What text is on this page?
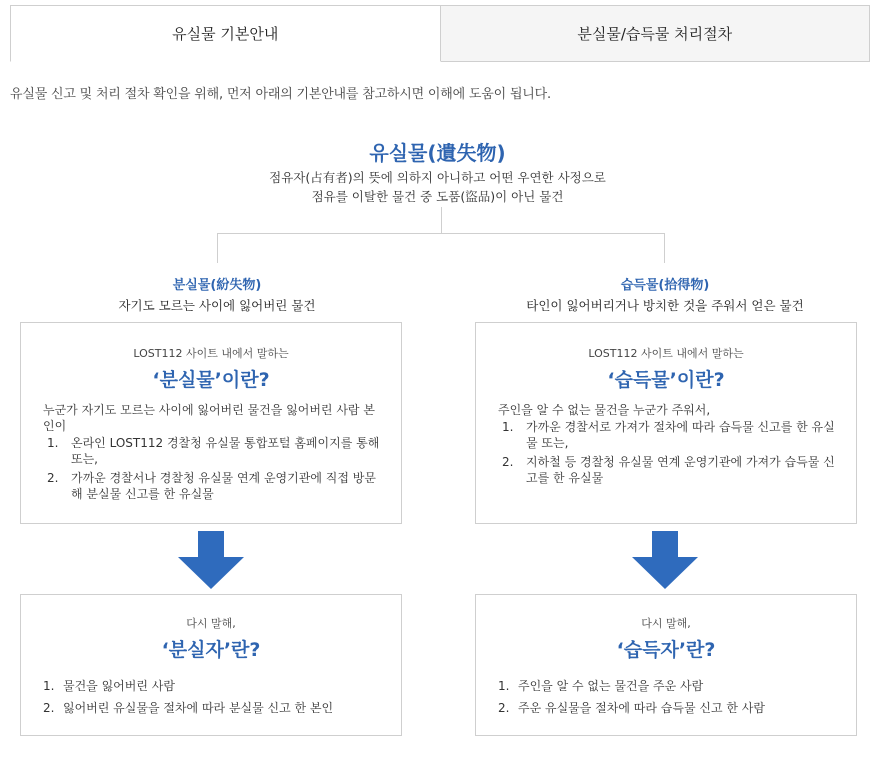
유실물 기본안내	분실물/습득물 처리절차
유실물 신고 및 처리 절차 확인을 위해, 먼저 아래의 기본안내를 참고하시면 이해에 도움이 됩니다.
유실물(遺失物)
점유자(占有者)의 뜻에 의하지 아니하고 어떤 우연한 사정으로
점유를 이탈한 물건 중 도품(盜品)이 아닌 물건
분실물(紛失物)
자기도 모르는 사이에 잃어버린 물건
습득물(拾得物)
타인이 잃어버리거나 방치한 것을 주워서 얻은 물건
LOST112 사이트 내에서 말하는
‘분실물’이란?
누군가 자기도 모르는 사이에 잃어버린 물건을 잃어버린 사람 본인이
1. 온라인 LOST112 경찰청 유실물 통합포털 홈페이지를 통해 또는,
2. 가까운 경찰서나 경찰청 유실물 연계 운영기관에 직접 방문해 분실물 신고를 한 유실물
LOST112 사이트 내에서 말하는
‘습득물’이란?
주인을 알 수 없는 물건을 누군가 주워서,
1. 가까운 경찰서로 가져가 절차에 따라 습득물 신고를 한 유실물 또는,
2. 지하철 등 경찰청 유실물 연계 운영기관에 가져가 습득물 신고를 한 유실물
다시 말해,
‘분실자’란?
1. 물건을 잃어버린 사람
2. 잃어버린 유실물을 절차에 따라 분실물 신고 한 본인
다시 말해,
‘습득자’란?
1. 주인을 알 수 없는 물건을 주운 사람
2. 주운 유실물을 절차에 따라 습득물 신고 한 사람
